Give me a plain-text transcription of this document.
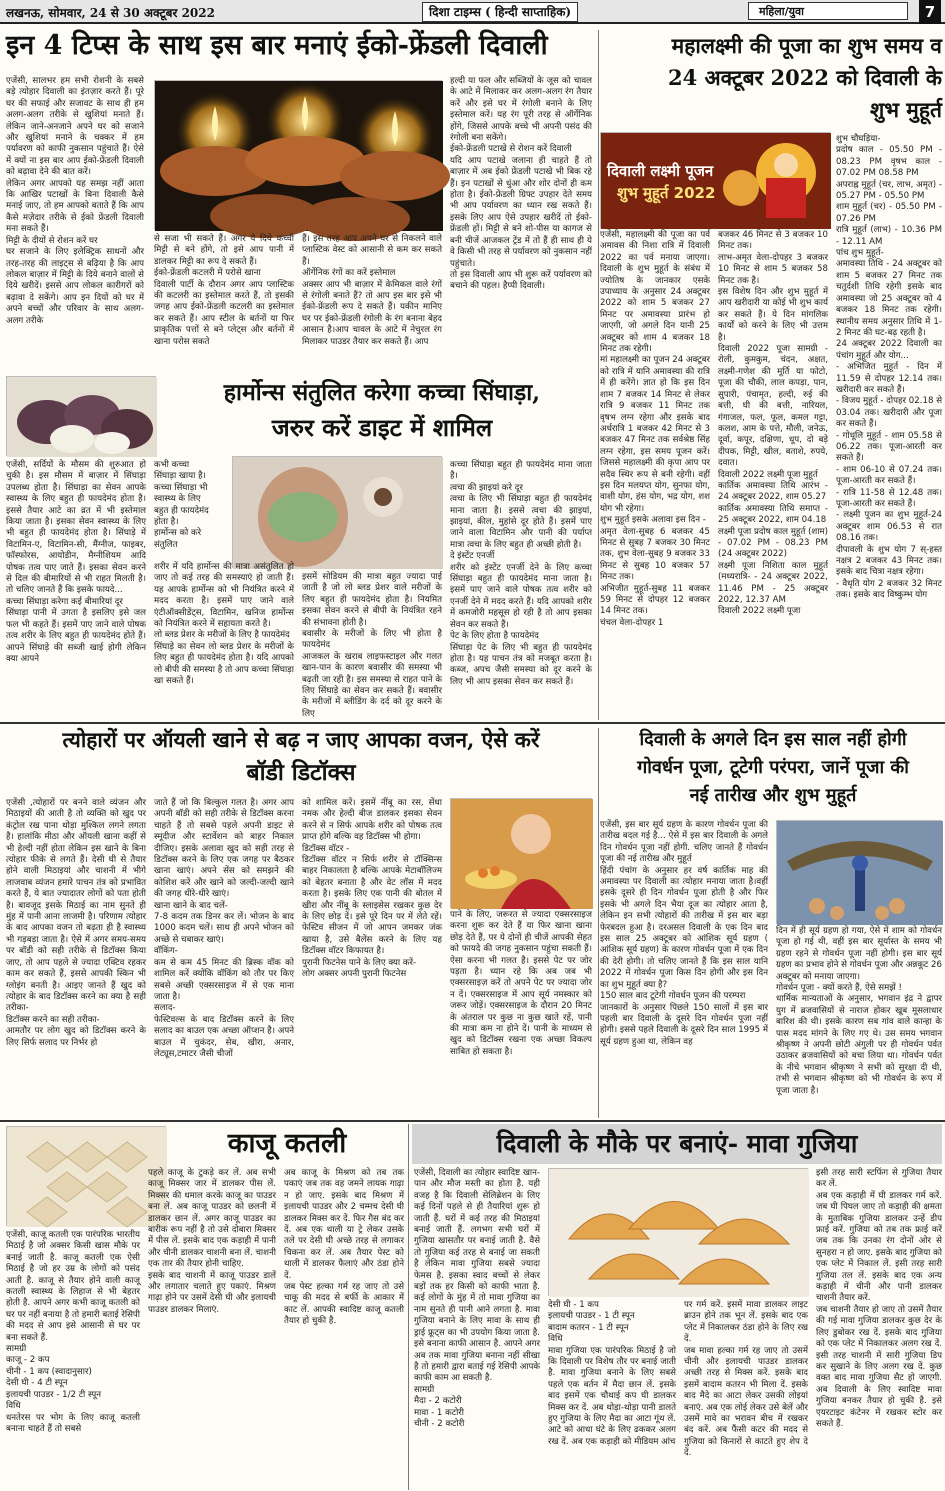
लखनऊ, सोमवार, 24 से 30 अक्टूबर 2022	दिशा टाइम्स ( हिन्दी साप्ताहिक)	महिला/युवा	7
इन 4 टिप्स के साथ इस बार मनाएं ईको-फ्रेंडली दिवाली
एजेंसी, सालभर हम सभी रोशनी के सबसे बड़े त्योहार दिवाली का इंतज़ार करते हैं। पूरे घर की सफाई और सजावट के साथ ही हम अलग-अलग तरीके से खुशियां मनाते हैं। लेकिन जाने-अनजाने अपने घर को सजाने और खुशियां मनाने के चक्कर में हम पर्यावरण को काफी नुकसान पहुंचाते हैं। ऐसे में क्यों ना इस बार आप ईको-फ्रेंडली दिवाली को बढ़ावा देने की बात करें।
लेकिन अगर आपको यह समझ नहीं आता कि आखिर पटाखों के बिना दिवाली कैसे मनाई जाए, तो हम आपको बताते हैं कि आप कैसे मज़ेदार तरीके से ईको फ्रेंडली दिवाली मना सकते हैं।
मिट्टी के दीयों से रोशन करें घर
घर सजाने के लिए इलेक्ट्रिक साधनों और तरह-तरह की लाइट्स से बढ़िया है कि आप लोकल बाज़ार में मिट्टी के दिये बनाने वालों से दिये खरीदें। इससे आप लोकल कारीगरों को बढ़ावा दे सकेंगे। आप इन दियों को घर में अपने बच्चों और परिवार के साथ अलग-अलग तरीके
से सजा भी सकते हैं। अगर ये दिये कच्ची मिट्टी से बने होंगे, तो इसे आप पानी में डालकर मिट्टी का रूप दे सकते हैं।
ईको-फ्रेंडली कटलरी में परोसे खाना
दिवाली पार्टी के दौरान अगर आप प्लास्टिक की कटलरी का इस्तेमाल करते हैं, तो इसकी जगह आप ईको-फ्रेंडली कटलरी का इस्तेमाल कर सकते हैं। आप स्टील के बर्तनों या फिर प्राकृतिक पत्तों से बने प्लेट्स और बर्तनों में खाना परोस सकते
हैं। इस तरह आप अपने घर से निकलने वाले प्लास्टिक वेस्ट को आसानी से कम कर सकते हैं।
ऑर्गेनिक रंगों का करें इस्तेमाल
अक्सर आप भी बाज़ार में केमिकल वाले रंगों से रंगोली बनाते हैं? तो आप इस बार इसे भी ईको-फ्रेंडली रूप दे सकते हैं। यकीन मानिए घर पर ईको-फ्रेंडली रंगोली के रंग बनाना बेहद आसान है।आप चावल के आटे में नेचुरल रंग मिलाकर पाउडर तैयार कर सकते हैं। आप
हल्दी या फल और सब्जियों के जूस को चावल के आटे में मिलाकर कर अलग-अलग रंग तैयार करें और इसे घर में रंगोली बनाने के लिए इस्तेमाल करें। यह रंग पूरी तरह से ऑर्गेनिक होंगे, जिससे आपके बच्चे भी अपनी पसंद की रंगोली बना सकेंगे।
ईको-फ्रेंडली पटाखे से रोशन करें दिवाली
यदि आप पटाखे जलाना ही चाहते हैं तो बाज़ार में अब ईको फ्रेंडली पटाखे भी बिक रहे हैं। इन पटाखों से धुंआ और शोर दोनों ही कम होता है। ईको-फ्रेंडली ग्रिफ्ट उपहार देते समय भी आप पर्यावरण का ध्यान रख सकते हैं। इसके लिए आप ऐसे उपहार खरीदें तो ईको-फ्रेंडली हों। मिट्टी से बने शो-पीस या कागज से बनी चीजें आजकल ट्रेंड में तो हैं ही साथ ही ये वे किसी भी तरह से पर्यावरण को नुकसान नहीं पहुंचाते।
तो इस दिवाली आप भी शुरू करें पर्यावरण को बचाने की पहल। हैप्पी दिवाली।
हार्मोन्स संतुलित करेगा कच्चा सिंघाड़ा,
जरुर करें डाइट में शामिल
एजेंसी, सर्दियों के मौसम की शुरुआत हो चुकी है। इस मौसम में बाज़ार में सिंघाड़ा उपलब्ध होता है। सिंघाड़ा का सेवन आपके स्वास्थ्य के लिए बहुत ही फायदेमंद होता है। इससे तैयार आटे का व्रत में भी इस्तेमाल किया जाता है। इसका सेवन स्वास्थ्य के लिए भी बहुत ही फायदेमंद होता है। सिंघाड़े में विटामिन-ए, विटामिन-सी, मैंग्नीज, फाइबर, फॉस्फोरस, आयोडीन, मैग्नीशियम आदि पोषक तत्व पाए जाते हैं। इसका सेवन करने से दिल की बीमारियों से भी राहत मिलती है। तो चलिए जानते हैं कि इसके फायदे...
कच्चा सिंघाड़ा करेगा कई बीमारियां दूर
सिंघाड़ा पानी में उगता है इसलिए इसे जल फल भी कहते हैं। इसमें पाए जाने वाले पोषक तत्व शरीर के लिए बहुत ही फायदेमंद होते हैं। आपने सिंघाड़े की सब्जी खाई होगी लेकिन क्या आपने
कभी कच्चा
सिंघाड़ा खाया है।
कच्चा सिंघाड़ा भी
स्वास्थ्य के लिए
बहुत ही फायदेमंद
होता है।
हार्मोन्स को करे
संतुलित
शरीर में यदि हार्मोन्स की मात्रा असंतुलित हो जाए तो कई तरह की समस्याएं हो जाती हैं। यह आपके हार्मोन्स को भी नियंत्रित करने में मदद करता है। इसमें पाए जाने वाले एंटीऑक्सीडेंट्स, विटामिन, खनिज हार्मोन्स को नियंत्रित करने में सहायता करते है।
लो ब्लड प्रेशर के मरीजों के लिए है फायदेमंद
सिंघाड़े का सेवन लो ब्लड प्रेशर के मरीजों के लिए बहुत ही फायदेमंद होता है। यदि आपको लो बीपी की समस्या है तो आप कच्चा सिंघाड़ा खा सकते हैं।
इसमें सोडियम की मात्रा बहुत ज्यादा पाई जाती है जो लो ब्लड प्रेशर वाले मरीजों के लिए बहुत ही फायदेमंद होता है। नियमित इसका सेवन करने से बीपी के नियंत्रित रहने की संभावना होती है।
बवासीर के मरीजों के लिए भी होता है फायदेमंद
आजकल के खराब लाइफस्टाइल और गलत खान-पान के कारण बवासीर की समस्या भी बढ़ती जा रही है। इस समस्या से राहत पाने के लिए सिंघाड़े का सेवन कर सकते हैं। बवासीर के मरीजों में ब्लीडिंग के दर्द को दूर करने के लिए
कच्चा सिंघाड़ा बहुत ही फायदेमंद माना जाता है।
त्वचा की झाइयां करे दूर
त्वचा के लिए भी सिंघाड़ा बहुत ही फायदेमंद माना जाता है। इससे त्वचा की झाइयां, झाइयां, कील, मुहांसे दूर होते हैं। इसमें पाए जाने वाला विटामिन और पानी की पर्याप्त मात्रा त्वचा के लिए बहुत ही अच्छी होती है।
दे इंस्टेंट एनर्जी
शरीर को इंस्टेंट एनर्जी देने के लिए कच्चा सिंघाड़ा बहुत ही फायदेमंद माना जाता है। इसमें पाए जाने वाले पोषक तत्व शरीर को एनर्जी देने में मदद करते हैं। यदि आपको शरीर में कमजोरी महसूस हो रही है तो आप इसका सेवन कर सकते हैं।
पेट के लिए होता है फायदेमंद
सिंघाड़ा पेट के लिए भी बहुत ही फायदेमंद होता है। यह पाचन तंत्र को मजबूत करता है। कब्ज, अपच जैसी समस्या को दूर करने के लिए भी आप इसका सेवन कर सकते हैं।
महालक्ष्मी की पूजा का शुभ समय व
24 अक्टूबर 2022 को दिवाली के
शुभ मुहूर्त
दिवाली लक्ष्मी पूजन
शुभ मुहूर्त 2022
एजेंसी, महालक्ष्मी की पूजा का पर्व अमावस की निशा रात्रि में दिवाली 2022 का पर्व मनाया जाएगा। दिवाली के शुभ मुहूर्त के संबंध में ज्योतिष के जानकार एसके उपाध्याय के अनुसार 24 अक्टूबर 2022 को शाम 5 बजकर 27 मिनट पर अमावस्या प्रारंभ हो जाएगी, जो अगले दिन यानी 25 अक्टूबर को शाम 4 बजकर 18 मिनट तक रहेगी।
मां महालक्ष्मी का पूजन 24 अक्टूबर को रात्रि में यानि अमावस्या की रात्रि में ही करेंगे। ज्ञात हो कि इस दिन शाम 7 बजकर 14 मिनट से लेकर रात्रि 9 बजकर 11 मिनट तक वृषभ लग्न रहेगा और इसके बाद अर्धरात्रि 1 बजकर 42 मिनट से 3 बजकर 47 मिनट तक सर्वश्रेष्ठ सिंह लग्न रहेगा, इस समय पूजन करें। जिससे महालक्ष्मी की कृपा आप पर सदैव स्थिर रूप से बनी रहेगी। वहीं इस दिन मलयप्त योग, सुनफा योग, वाशी योग, हंस योग, भद्र योग, शश योग भी रहेगा।
शुभ मुहूर्त इसके अलावा इस दिन -
अमृत वेला-सुबह 6 बजकर 45 मिनट से सुबह 7 बजकर 30 मिनट तक, शुभ वेला-सुबह 9 बजकर 33 मिनट से सुबह 10 बजकर 57 मिनट तक।
अभिजीत मुहूर्त-सुबह 11 बजकर 59 मिनट से दोपहर 12 बजकर 14 मिनट तक।
चंचल वेला-दोपहर 1
बजकर 46 मिनट से 3 बजकर 10 मिनट तक।
लाभ-अमृत वेला-दोपहर 3 बजकर 10 मिनट से शाम 5 बजकर 58 मिनट तक है।
इस विशेष दिन और शुभ मुहूर्त में आप खरीदारी या कोई भी शुभ कार्य कर सकते हैं। ये दिन मांगलिक कार्यों को करने के लिए भी उत्तम है।
दिवाली 2022 पूजा सामग्री - रोली, कुमकुम, चंदन, अक्षत, लक्ष्मी-गणेश की मूर्ति या फोटो, पूजा की चौकी, लाल कपड़ा, पान, सुपारी, पंचामृत, हल्दी, रुई की बत्ती, घी की बत्ती, नारियल, गंगाजल, फल, फूल, कमल गट्टा, कलश, आम के पत्ते, मौली, जनेऊ, दूर्वा, कपूर, दक्षिणा, धूप, दो बड़े दीपक, मिट्टी, खील, बताशे, रुपये, दवात।
दिवाली 2022 लक्ष्मी पूजा मुहूर्त
कार्तिक अमावस्या तिथि आरंभ - 24 अक्टूबर 2022, शाम 05.27
कार्तिक अमावस्या तिथि समाप्त - 25 अक्टूबर 2022, शाम 04.18
लक्ष्मी पूजा प्रदोष काल मुहूर्त (शाम) - 07.02 PM - 08.23 PM (24 अक्टूबर 2022)
लक्ष्मी पूजा निशिता काल मुहूर्त (मध्यरात्रि- - 24 अक्टूबर 2022, 11.46 PM - 25 अक्टूबर 2022, 12.37 AM
दिवाली 2022 लक्ष्मी पूजा
शुभ चौघड़िया-
प्रदोष काल - 05.50 PM - 08.23 PM वृषभ काल - 07.02 PM 08.58 PM
अपराह्न मुहूर्त (चर, लाभ, अमृत) - 05.27 PM - 05.50 PM
शाम मुहूर्त (चर) - 05.50 PM - 07.26 PM
रात्रि मुहूर्त (लाभ) - 10.36 PM - 12.11 AM
पांच शुभ मुहूर्त-
अमावस्या तिथि - 24 अक्टूबर को शाम 5 बजकर 27 मिनट तक चतुर्दशी तिथि रहेगी इसके बाद अमावस्या जो 25 अक्टूबर को 4 बजकर 18 मिनट तक रहेगी। स्थानीय समय अनुसार तिथि में 1-2 मिनट की घट-बढ़ रहती है।
24 अक्टूबर 2022 दिवाली का पंचांग मुहूर्त और योग...
- अभिजित मुहूर्त - दिन में 11.59 से दोपहर 12.14 तक। खरीदारी कर सकते हैं।
- विजय मुहूर्त - दोपहर 02.18 से 03.04 तक। खरीदारी और पूजा कर सकते हैं।
- गोधूलि मुहूर्त - शाम 05.58 से 06.22 तक। पूजा-आरती कर सकते हैं।
- शाम 06-10 से 07.24 तक। पूजा-आरती कर सकते हैं।
- रात्रि 11-58 से 12.48 तक। पूजा-आरती कर सकते हैं।
- लक्ष्मी पूजन का शुभ मुहूर्त-24 अक्टूबर शाम 06.53 से रात 08.16 तक।
दीपावली के शुभ योग 7 स्-हस्त नक्षत्र 2 बजकर 43 मिनट तक। इसके बाद चित्रा नक्षत्र रहेगा।
- वैधृति योग 2 बजकर 32 मिनट तक। इसके बाद विष्कुम्भ योग
त्योहारों पर ऑयली खाने से बढ़ न जाए आपका वजन, ऐसे करें
बॉडी डिटॉक्स
एजेंसी ,त्योहारों पर बनने वाले व्यंजन और मिठाइयों की आती है तो व्यक्ति को खुद पर कंट्रोल रख पाना थोड़ा मुश्किल लगने लगता है। हालांकि मीठा और ऑयली खाना कहीं से भी हेल्दी नहीं होता लेकिन इस खाने के बिना त्योहार फीके से लगते हैं। देसी घी से तैयार होने वाली मिठाइयां और चाशनी में भीगे लाजवाब व्यंजन हमारे पाचन तंत्र को प्रभावित करते हैं, ये बात ज्यादातर लोगों को पता होती है। बावजूद इसके मिठाई का नाम सुनते ही मुंह में पानी आना लाजमी है। परिणाम त्योहार के बाद आपका वजन तो बढ़ता ही है स्वास्थ्य भी गड़बड़ा जाता है। ऐसे में अगर समय-समय पर बॉडी को सही तरीके से डिटॉक्स किया जाए, तो आप पहले से ज्यादा एक्टिव रहकर काम कर सकते हैं, इससे आपकी स्किन भी ग्लोइंग बनती है। आइए जानते हैं खुद को त्योहार के बाद डिटॉक्स करने का क्या है सही तरीका-
डिटॉक्स करने का सही तरीका-
आमतौर पर लोग खुद को डिटॉक्स करने के लिए सिर्फ सलाद पर निर्भर हो
जाते हैं जो कि बिल्कुल गलत है। अगर आप अपनी बॉडी को सही तरीके से डिटॉक्स करना चाहते हैं तो सबसे पहले अपनी डाइट से स्मूदीज और स्टार्वेशन को बाहर निकाल दीजिए। इसके अलावा खुद को सही तरह से डिटॉक्स करने के लिए एक जगह पर बैठकर खाना खाएं। अपने सेंस को समझने की कोशिश करें और खाने को जल्दी-जल्दी खाने की जगह धीरे-धीरे खाएं।
खाना खाने के बाद चलें-
7-8 कदम तक डिनर कर लें। भोजन के बाद 1000 कदम चलें। साथ ही अपने भोजन को अच्छे से चबाकर खाएं।
वॉकिंग-
कम से कम 45 मिनट की ब्रिस्क वॉक को शामिल करें क्योंकि वॉकिंग को तौर पर किए सबसे अच्छी एक्सरसाइज में से एक माना जाता है।
सलाद-
फेस्टिवल्स के बाद डिटॉक्स करने के लिए सलाद का बाउल एक अच्छा ऑप्शन है। अपने बाउल में चुकंदर, सेब, खीरा, अनार, लेट्यूस,टमाटर जैसी चीजों
को शामिल करें। इसमें नींबू का रस, सेंधा नमक और हेल्दी बीज डालकर इसका सेवन करने से न सिर्फ आपके शरीर को पोषक तत्व प्राप्त होंगे बल्कि वह डिटॉक्स भी होगा।
डिटॉक्स वॉटर -
डिटॉक्स वॉटर न सिर्फ शरीर से टॉक्सिन्स बाहर निकालता है बल्कि आपके मेटाबॉलिज्म को बेहतर बनाता है और वेट लॉस में मदद करता है। इसके लिए एक पानी की बोतल में खीरा और नींबू के स्लाइसेस रखकर कुछ देर के लिए छोड़ दें। इसे पूरे दिन पर में लेते रहें। फेस्टिव सीजन में जो आपन जमकर जंक खाया है, उसे बैलेंस करने के लिए यह डिटॉक्स वॉटर किफायत है।
पुरानी फिटनेस पाने के लिए क्या करें-
लोग अक्सर अपनी पुरानी फिटनेस
पाने के लिए, जरूरत से ज्यादा एक्सरसाइज करना शुरू कर देते हैं या फिर खाना खाना छोड़ देते हैं, पर ये दोनों ही चीजें आपकी सेहत को फायदे की जगह नुकसान पहुंचा सकती हैं। ऐसा करना भी गलत है। इससे पेट पर जोर पड़ता है। ध्यान रहे कि अब जब भी एक्सरसाइज़ करें तो अपने पेट पर ज्यादा जोर न दें। एक्सरसाइज में आप सूर्य नमस्कार को जरूर जोड़ें। एक्सरसाइज के दौरान 20 मिनट के अंतराल पर कुछ ना कुछ खाते रहें, पानी की मात्रा कम ना होने दें। पानी के माध्यम से खुद को डिटॉक्स रखना एक अच्छा विकल्प साबित हो सकता है।
दिवाली के अगले दिन इस साल नहीं होगी
गोवर्धन पूजा, टूटेगी परंपरा, जानें पूजा की
नई तारीख और शुभ मुहूर्त
एजेंसी, इस बार सूर्य ग्रहण के कारण गोवर्धन पूजा की तारीख बदल गई है... ऐसे में इस बार दिवाली के अगले दिन गोवर्धन पूजा नहीं होगी. चलिए जानते हैं गोवर्धन पूजा की नई तारीख और मुहूर्त
हिंदी पंचांग के अनुसार हर वर्ष कार्तिक माह की अमावस्या पर दिवाली का त्योहार मनाया जाता है।वहीं इसके दूसरे ही दिन गोवर्धन पूजा होती है और फिर इसके भी अगले दिन भैया दूज का त्योहार आता है, लेकिन इन सभी त्योहारों की तारीख में इस बार बड़ा फेरबदल हुआ है। दरअसल दिवाली के एक दिन बाद इस साल 25 अक्टूबर को आंशिक सूर्य ग्रहण ( आंशिक सूर्य ग्रहण) के कारण गोवर्धन पूजा में एक दिन की देरी होगी। तो चलिए जानते हैं कि इस साल यानि 2022 में गोवर्धन पूजा किस दिन होगी और इस दिन का शुभ मुहूर्त क्या है?
150 साल बाद टूटेगी गोवर्धन पूजन की परम्परा
जानकारों के अनुसार पिछले 150 सालों में इस बार पहली बार दिवाली के दूसरे दिन गोवर्धन पूजा नहीं होगी। इससे पहले दिवाली के दूसरे दिन साल 1995 में सूर्य ग्रहण हुआ था, लेकिन वह
दिन में ही सूर्य ग्रहण हो गया, ऐसे में शाम को गोवर्धन पूजा हो गई थी, वहीं इस बार सूर्यास्त के समय भी ग्रहण रहने से गोवर्धन पूजा नहीं होगी। इस बार सूर्य ग्रहण का प्रभाव होने से गोवर्धन पूजा और अन्नकूट 26 अक्टूबर को मनाया जाएगा।
गोवर्धन पूजा - क्यों करते हैं, ऐसे समझें !
धार्मिक मान्यताओं के अनुसार, भगवान इंद्र ने द्वापर युग में ब्रजवासियों से नाराज होकर खूब मूसलाधार बारिश की थी। इसके कारण सब गांव वाले कान्हा के पास मदद मांगने के लिए गए थे। उस समय भगवान श्रीकृष्ण ने अपनी छोटी अंगुली पर ही गोवर्धन पर्वत उठाकर ब्रजवासियों को बचा लिया था। गोवर्धन पर्वत के नीचे भगवान श्रीकृष्ण ने सभी को सुरक्षा दी थी, तभी से भगवान श्रीकृष्ण को भी गोवर्धन के रूप में पूजा जाता है।
काजू कतली
एजेंसी, काजू कतली एक पारंपरिक भारतीय मिठाई है जो अक्सर किसी खास मौके पर बनाई जाती है. काजू कतली एक ऐसी मिठाई है जो हर उम्र के लोगों को पसंद आती है. काजू से तैयार होने वाली काजू कतली स्वास्थ्य के लिहाज से भी बेहतर होती है. आपने अगर कभी काजू कतली को घर पर नहीं बनाया है तो हमारी बताई रेसिपी की मदद से आप इसे आसानी से घर पर बना सकते हैं.
सामग्री
काजू - 2 कप
चीनी - 1 कप (स्वादानुसार)
देसी घी - 4 टी स्पून
इलायची पाउडर - 1/2 टी स्पून
विधि
धनतेरस पर भोग के लिए काजू कतली बनाना चाहते हैं तो सबसे
पहले काजू के टुकड़े कर लें. अब सभी काजू मिक्सर जार में डालकर पीस लें. मिक्सर की धमाल करके काजू का पाउडर बना लें. अब काजू पाउडर को छलनी में डालकर छान लें. अगर काजू पाउडर का बारीक रूप नहीं है तो उसे दोबारा मिक्सर में पीस लें. इसके बाद एक कड़ाही में पानी और चीनी डालकर चाशनी बना लें. चाशनी एक तार की तैयार होनी चाहिए.
इसके बाद चाशनी में काजू पाउडर डालें और लगातार चलाते हुए पकाएं. मिश्रण गाढ़ा होने पर उसमें देसी घी और इलायची पाउडर डालकर मिलाएं.
अब काजू के मिश्रण को तब तक पकाएं जब तक वह जमने लायक गाढ़ा न हो जाए. इसके बाद मिश्रण में इलायची पाउडर और 2 चम्मच देसी घी डालकर मिक्स कर दें. फिर गैस बंद कर दें. अब एक थाली या ट्रे लेकर उसके तले पर देसी घी अच्छे तरह से लगाकर चिकना कर लें. अब तैयार पेस्ट को थाली में डालकर फैलाएं और ठंडा होने दें.
जब पेस्ट हल्का गर्म रह जाए तो उसे चाकू की मदद से बर्फी के आकार में काट लें. आपकी स्वादिष्ट काजू कतली तैयार हो चुकी है.
दिवाली के मौके पर बनाएं- मावा गुजिया
एजेंसी, दिवाली का त्योहार स्वादिष्ट खान-पान और मौज मस्ती का होता है. यही वजह है कि दिवाली सेलिब्रेशन के लिए कई दिनों पहले से ही तैयारियां शुरू हो जाती हैं. घरों में कई तरह की मिठाइयां बनाई जाती हैं. लगभग सभी घरों में गुजिया खासतौर पर बनाई जाती है. वैसे तो गुजिया कई तरह से बनाई जा सकती है लेकिन मावा गुजिया सबसे ज्यादा फेमस है. इसका स्वाद बच्चों से लेकर बड़ों तक हर किसी को काफी भाता है. कई लोगों के मुंह में तो मावा गुजिया का नाम सुनते ही पानी आने लगता है. मावा गुजिया बनाने के लिए मावा के साथ ही ड्राई फ्रूट्स का भी उपयोग किया जाता है. इसे बनाना काफी आसान है. आपने अगर अब तक मावा गुजिया बनाना नहीं सीखा है तो हमारी द्वारा बताई गई रेसिपी आपके काफी काम आ सकती है.
सामग्री
मैदा - 2 कटोरी
मावा - 1 कटोरी
चीनी - 2 कटोरी
देसी घी - 1 कप
इलायची पाउडर - 1 टी स्पून
बादाम कतरन - 1 टी स्पून
विधि
मावा गुजिया एक पारंपरिक मिठाई है जो कि दिवाली पर विशेष तौर पर बनाई जाती है. मावा गुजिया बनाने के लिए सबसे पहले एक बर्तन में मैदा छान लें. इसके बाद इसमें एक चौथाई कप घी डालकर मिक्स कर दें. अब थोड़ा-थोड़ा पानी डालते हुए गुजिया के लिए मैदा का आटा गूंथ लें. आटे को आधा घंटे के लिए ढककर अलग रख दें. अब एक कड़ाही को मीडियम आंच
पर गर्म करें. इसमें मावा डालकर लाइट ब्राउन होने तक भून लें. इसके बाद एक प्लेट में निकालकर ठंडा होने के लिए रख दें.
जब मावा हल्का गर्म रह जाए तो उसमें चीनी और इलायची पाउडर डालकर अच्छी तरह से मिक्स करें. इसके बाद इसमें बादाम कतरन भी मिला दें. इसके बाद मैदे का आटा लेकर उसकी लोइयां बनाएं. अब एक लोई लेकर उसे बेलें और उसमें मावे का भरावन बीच में रखकर बंद करें. अब फैंसी कटर की मदद से गुजिया को किनारों से काटते हुए शेप दे दें.
इसी तरह सारी स्टफिंग से गुजिया तैयार कर लें.
अब एक कड़ाही में घी डालकर गर्म करें. जब घी पिघल जाए तो कड़ाही की क्षमता के मुताबिक गुजिया डालकर उन्हें डीप फ्राई करें. गुजिया को तब तक फ्राई करें जब तक कि उनका रंग दोनों ओर से सुनहरा न हो जाए. इसके बाद गुजिया को एक प्लेट में निकाल लें. इसी तरह सारी गुजिया तल लें. इसके बाद एक अन्य कड़ाही में चीनी और पानी डालकर चाशनी तैयार करें.
जब चाशनी तैयार हो जाए तो उसमें तैयार की गई मावा गुजिया डालकर कुछ देर के लिए डुबोकर रख दें. इसके बाद गुजिया को एक प्लेट में निकालकर अलग रख दें. इसी तरह चाशनी में सारी गुजिया डिप कर सुखाने के लिए अलग रख दें. कुछ वक्त बाद मावा गुजिया सैट हो जाएगी. अब दिवाली के लिए स्वादिष्ट मावा गुजिया बनकर तैयार हो चुकी है. इसे एयरटाइट कंटेनर में रखकर स्टोर कर सकते हैं.
